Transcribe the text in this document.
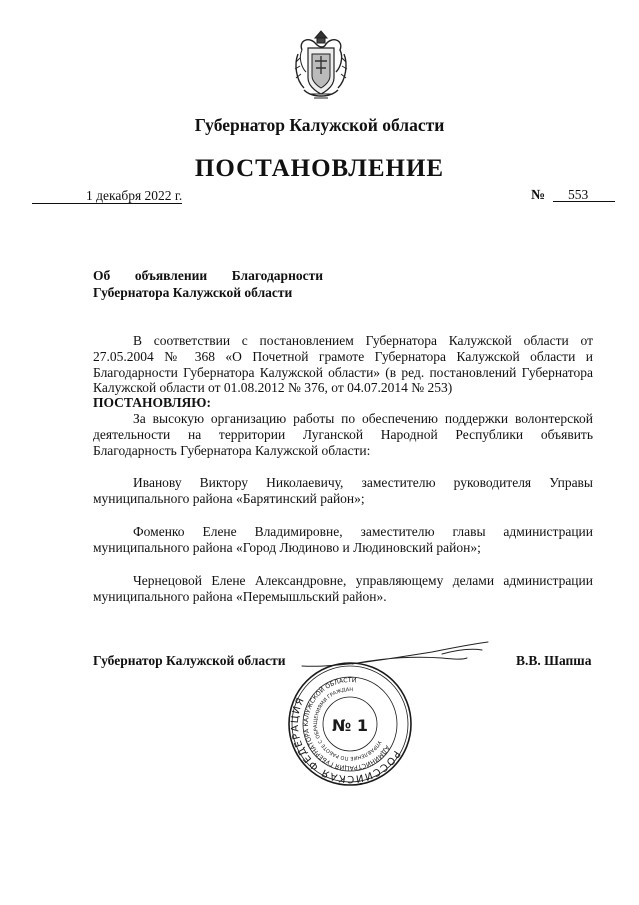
Губернатор Калужской области
ПОСТАНОВЛЕНИЕ
1 декабря 2022 г.	№ 553
Об объявлении Благодарности
Губернатора Калужской области
В соответствии с постановлением Губернатора Калужской области от 27.05.2004 № 368 «О Почетной грамоте Губернатора Калужской области и Благодарности Губернатора Калужской области» (в ред. постановлений Губернатора Калужской области от 01.08.2012 № 376, от 04.07.2014 № 253)
ПОСТАНОВЛЯЮ:
За высокую организацию работы по обеспечению поддержки волонтерской деятельности на территории Луганской Народной Республики объявить Благодарность Губернатора Калужской области:
Иванову Виктору Николаевичу, заместителю руководителя Управы муниципального района «Барятинский район»;
Фоменко Елене Владимировне, заместителю главы администрации муниципального района «Город Людиново и Людиновский район»;
Чернецовой Елене Александровне, управляющему делами администрации муниципального района «Перемышльский район».
Губернатор Калужской области	В.В. Шапша
РОССИЙСКАЯ ФЕДЕРАЦИЯ
АДМИНИСТРАЦИЯ ГУБЕРНАТОРА КАЛУЖСКОЙ ОБЛАСТИ
УПРАВЛЕНИЕ ПО РАБОТЕ С ОБРАЩЕНИЯМИ ГРАЖДАН
№ 1
